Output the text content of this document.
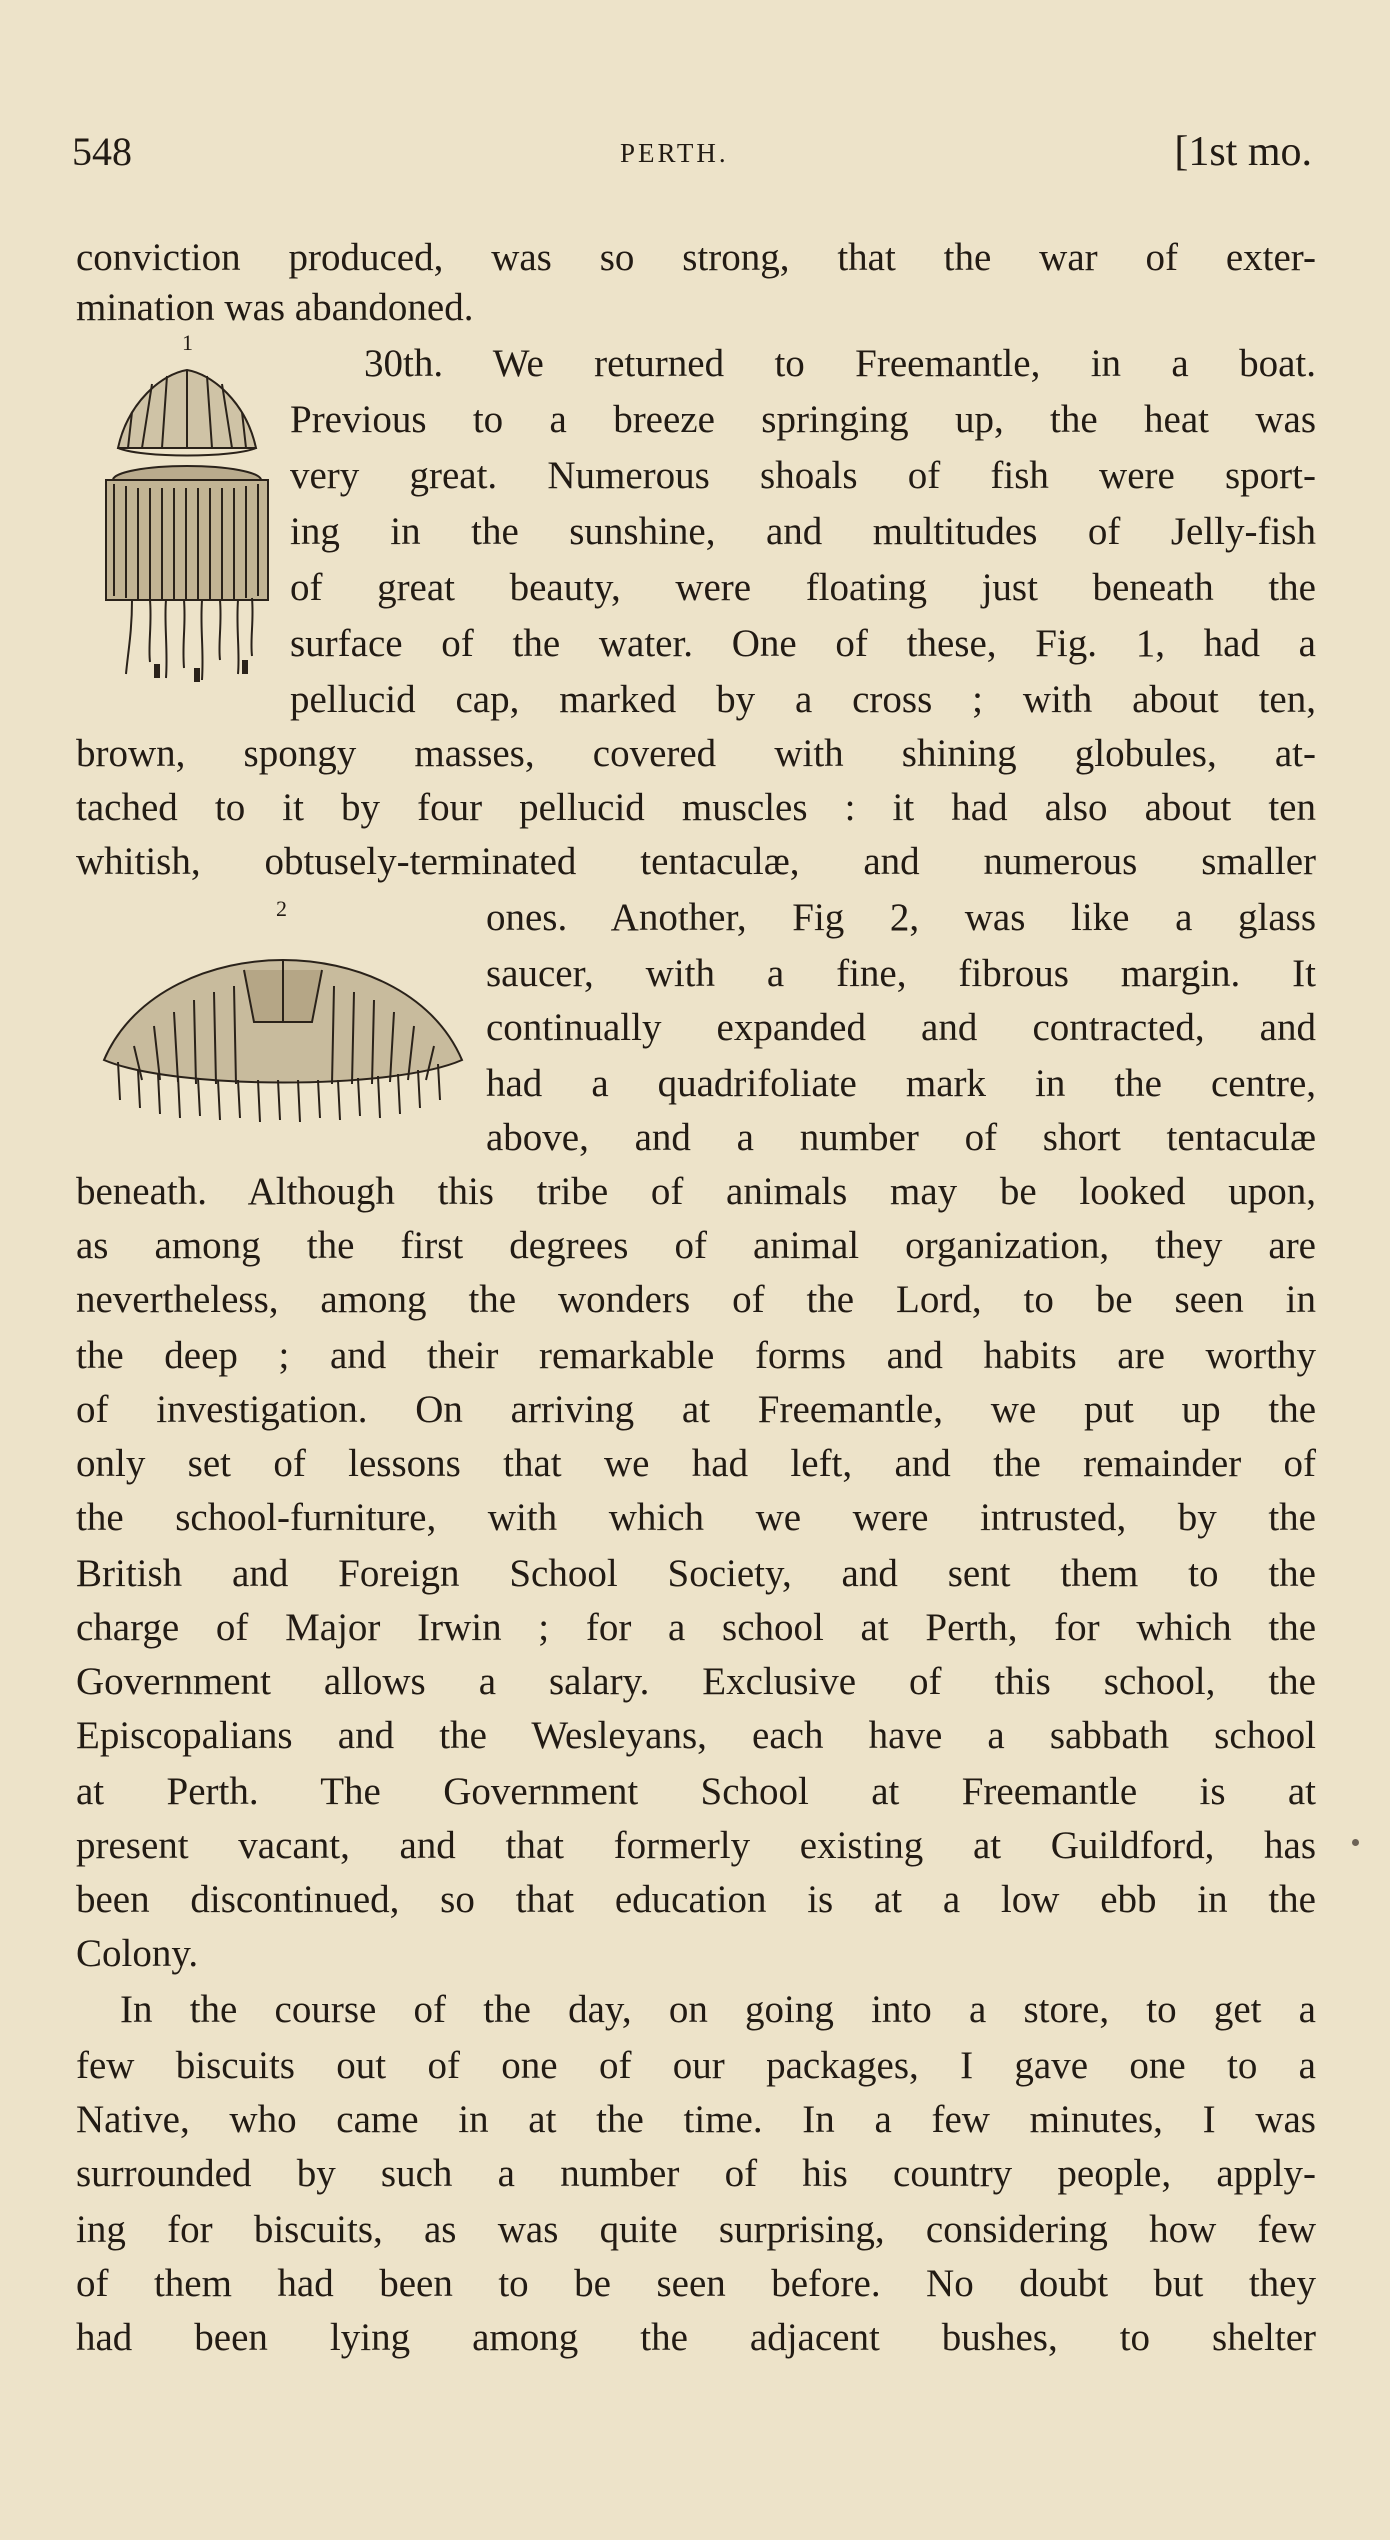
548	PERTH.	[1st mo.
1
2
conviction produced, was so strong, that the war of exter-
mination was abandoned.
30th. We returned to Freemantle, in a boat.
Previous to a breeze springing up, the heat was
very great. Numerous shoals of fish were sport-
ing in the sunshine, and multitudes of Jelly-fish
of great beauty, were floating just beneath the
surface of the water. One of these, Fig. 1, had a
pellucid cap, marked by a cross ; with about ten,
brown, spongy masses, covered with shining globules, at-
tached to it by four pellucid muscles : it had also about ten
whitish, obtusely-terminated tentaculæ, and numerous smaller
ones. Another, Fig 2, was like a glass
saucer, with a fine, fibrous margin. It
continually expanded and contracted, and
had a quadrifoliate mark in the centre,
above, and a number of short tentaculæ
beneath. Although this tribe of animals may be looked upon,
as among the first degrees of animal organization, they are
nevertheless, among the wonders of the Lord, to be seen in
the deep ; and their remarkable forms and habits are worthy
of investigation. On arriving at Freemantle, we put up the
only set of lessons that we had left, and the remainder of
the school-furniture, with which we were intrusted, by the
British and Foreign School Society, and sent them to the
charge of Major Irwin ; for a school at Perth, for which the
Government allows a salary. Exclusive of this school, the
Episcopalians and the Wesleyans, each have a sabbath school
at Perth. The Government School at Freemantle is at
present vacant, and that formerly existing at Guildford, has
been discontinued, so that education is at a low ebb in the
Colony.
In the course of the day, on going into a store, to get a
few biscuits out of one of our packages, I gave one to a
Native, who came in at the time. In a few minutes, I was
surrounded by such a number of his country people, apply-
ing for biscuits, as was quite surprising, considering how few
of them had been to be seen before. No doubt but they
had been lying among the adjacent bushes, to shelter
